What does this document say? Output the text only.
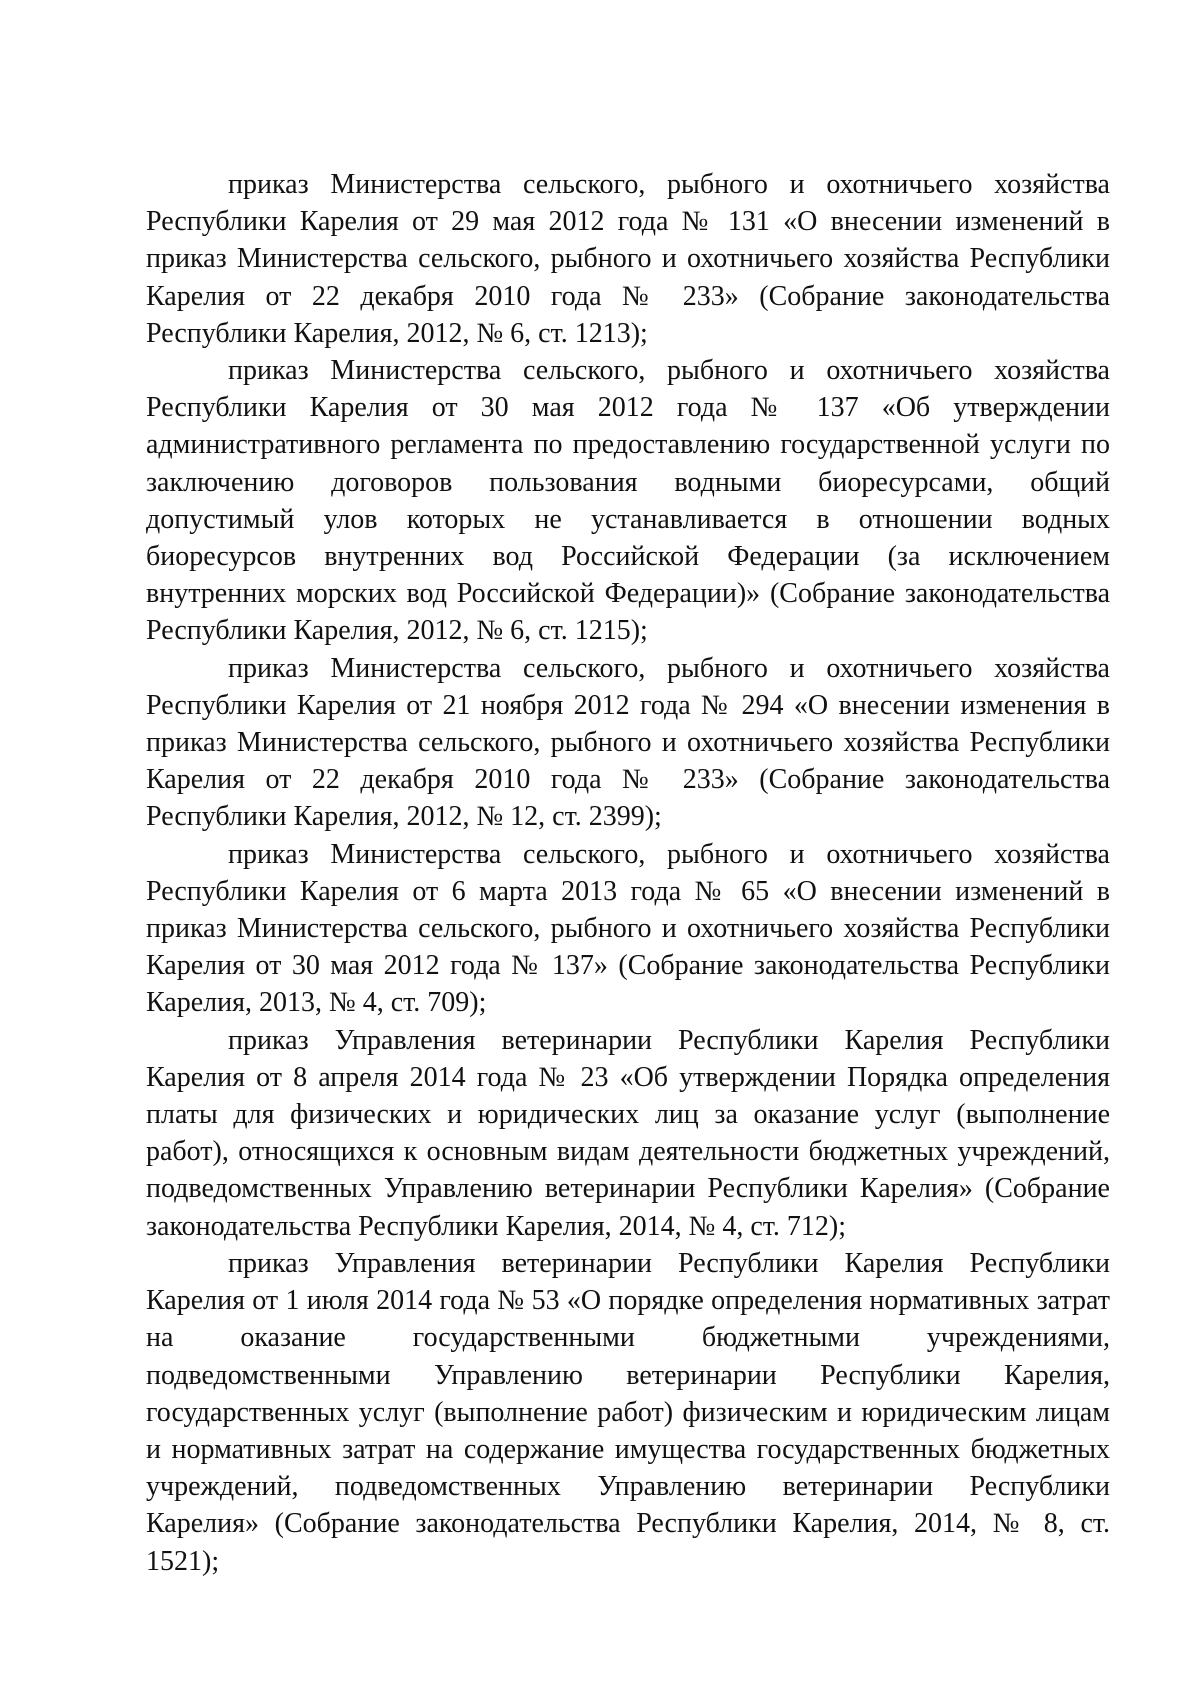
приказ Министерства сельского, рыбного и охотничьего хозяйства Республики Карелия от 29 мая 2012 года № 131 «О внесении изменений в приказ Министерства сельского, рыбного и охотничьего хозяйства Республики Карелия от 22 декабря 2010 года № 233» (Собрание законодательства Республики Карелия, 2012, № 6, ст. 1213);

приказ Министерства сельского, рыбного и охотничьего хозяйства Республики Карелия от 30 мая 2012 года № 137 «Об утверждении административного регламента по предоставлению государственной услуги по заключению договоров пользования водными биоресурсами, общий допустимый улов которых не устанавливается в отношении водных биоресурсов внутренних вод Российской Федерации (за исключением внутренних морских вод Российской Федерации)» (Собрание законодательства Республики Карелия, 2012, № 6, ст. 1215);

приказ Министерства сельского, рыбного и охотничьего хозяйства Республики Карелия от 21 ноября 2012 года № 294 «О внесении изменения в приказ Министерства сельского, рыбного и охотничьего хозяйства Республики Карелия от 22 декабря 2010 года № 233» (Собрание законодательства Республики Карелия, 2012, № 12, ст. 2399);

приказ Министерства сельского, рыбного и охотничьего хозяйства Республики Карелия от 6 марта 2013 года № 65 «О внесении изменений в приказ Министерства сельского, рыбного и охотничьего хозяйства Республики Карелия от 30 мая 2012 года № 137» (Собрание законодательства Республики Карелия, 2013, № 4, ст. 709);

приказ Управления ветеринарии Республики Карелия Республики Карелия от 8 апреля 2014 года № 23 «Об утверждении Порядка определения платы для физических и юридических лиц за оказание услуг (выполнение работ), относящихся к основным видам деятельности бюджетных учреждений, подведомственных Управлению ветеринарии Республики Карелия» (Собрание законодательства Республики Карелия, 2014, № 4, ст. 712);

приказ Управления ветеринарии Республики Карелия Республики Карелия от 1 июля 2014 года № 53 «О порядке определения нормативных затрат на оказание государственными бюджетными учреждениями, подведомственными Управлению ветеринарии Республики Карелия, государственных услуг (выполнение работ) физическим и юридическим лицам и нормативных затрат на содержание имущества государственных бюджетных учреждений, подведомственных Управлению ветеринарии Республики Карелия» (Собрание законодательства Республики Карелия, 2014, № 8, ст. 1521);
